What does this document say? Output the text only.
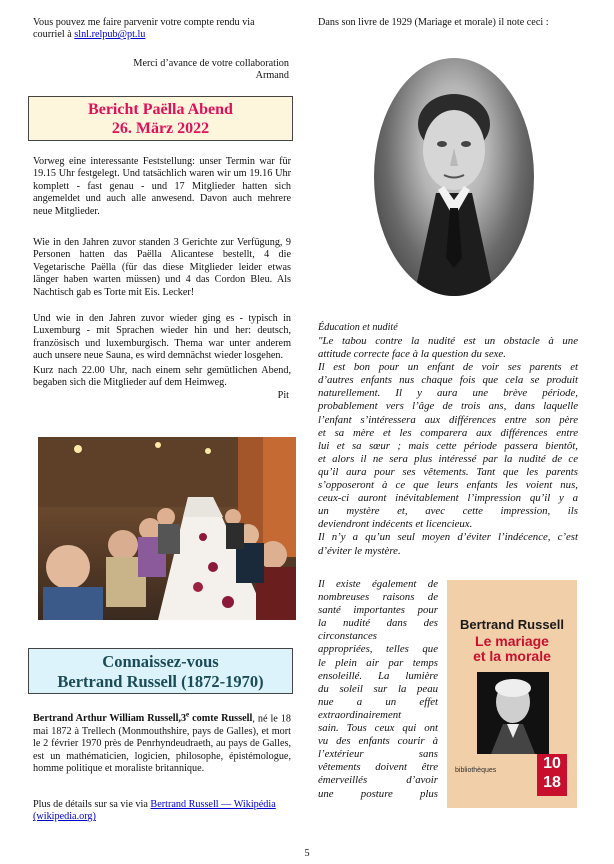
Vous pouvez me faire parvenir votre compte rendu via
courriel à slnl.relpub@pt.lu
Merci d’avance de votre collaboration
Armand
Bericht Paëlla Abend
26. März 2022
Vorweg eine interessante Feststellung: unser Termin war für 19.15 Uhr festgelegt. Und tatsächlich waren wir um 19.16 Uhr komplett - fast genau - und 17 Mitglieder hatten sich angemeldet und auch alle anwesend. Davon auch mehrere neue Mitglieder.
Wie in den Jahren zuvor standen 3 Gerichte zur Verfügung, 9 Personen hatten das Paëlla Alicantese bestellt, 4 die Vegetarische Paëlla (für das diese Mitglieder leider etwas länger haben warten müssen) und 4 das Cordon Bleu. Als Nachtisch gab es Torte mit Eis. Lecker!
Und wie in den Jahren zuvor wieder ging es - typisch in Luxemburg - mit Sprachen wieder hin und her: deutsch, französisch und luxemburgisch. Thema war unter anderem auch unsere neue Sauna, es wird demnächst wieder losgehen.
Kurz nach 22.00 Uhr, nach einem sehr gemütlichen Abend, begaben sich die Mitglieder auf dem Heimweg.
Pit
Connaissez-vous
Bertrand Russell (1872-1970)
Bertrand Arthur William Russell,3e comte Russell, né le 18 mai 1872 à Trellech (Monmouthshire, pays de Galles), et mort le 2 février 1970 près de Penrhyndeudraeth, au pays de Galles, est un mathématicien, logicien, philosophe, épistémologue, homme politique et moraliste britannique.
Plus de détails sur sa vie via Bertrand Russell — Wikipédia (wikipedia.org)
Dans son livre de 1929 (Mariage et morale) il note ceci :
Éducation et nudité
"Le tabou contre la nudité est un obstacle à une
attitude correcte face à la question du sexe.
Il est bon pour un enfant de voir ses parents et
d’autres enfants nus chaque fois que cela se produit
naturellement. Il y aura une brève période,
probablement vers l’âge de trois ans, dans laquelle
l’enfant s’intéressera aux différences entre son père
et sa mère et les comparera aux différences entre
lui et sa sœur ; mais cette période passera bientôt,
et alors il ne sera plus intéressé par la nudité de ce
qu’il aura pour ses vêtements. Tant que les parents
s’opposeront à ce que leurs enfants les voient nus,
ceux-ci auront inévitablement l’impression qu’il y a
un mystère et, avec cette impression, ils
deviendront indécents et licencieux.
Il n’y a qu’un seul moyen d’éviter l’indécence, c’est
d’éviter le mystère.
Il existe également de
nombreuses raisons de
santé importantes pour
la nudité dans des
circonstances
appropriées, telles que
le plein air par temps
ensoleillé. La lumière
du soleil sur la peau
nue a un effet
extraordinairement
sain. Tous ceux qui ont
vu des enfants courir à
l’extérieur sans
vêtements doivent être
émerveillés d’avoir
une posture plus
Bertrand Russell
Le mariage
et la morale
bibliothèques	10
18
5
